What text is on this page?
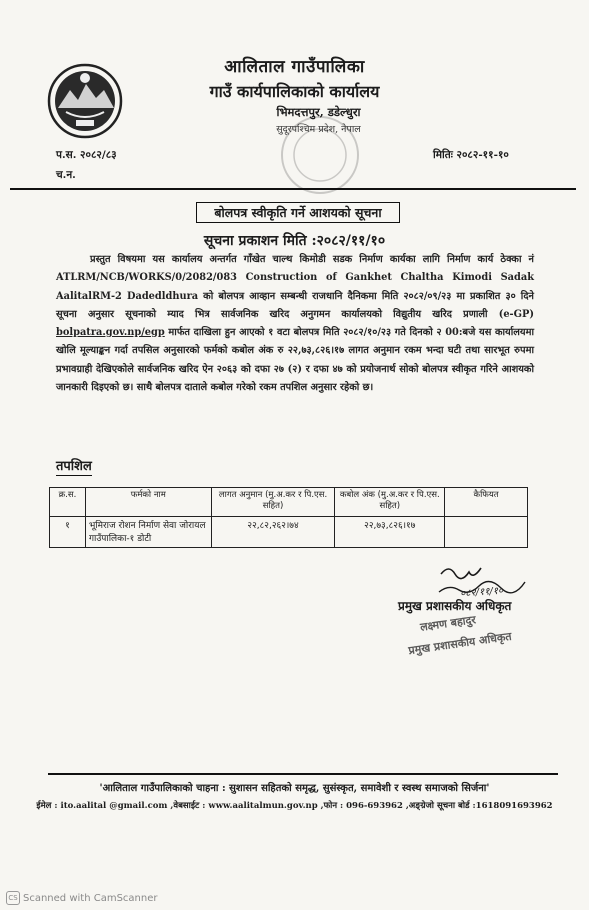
आलिताल गाउँपालिका
गाउँ कार्यपालिकाको कार्यालय
भिमदत्तपुर, डडेल्धुरा
सुदूरपश्चिम प्रदेश, नेपाल
प.स. २०८२/८३
च.न.
मितिः २०८२-११-१०
बोलपत्र स्वीकृति गर्ने आशयको सूचना
सूचना प्रकाशन मिति :२०८२/११/१०
प्रस्तुत विषयमा यस कार्यालय अन्तर्गत गाँखेत चाल्थ किमोडी सडक निर्माण कार्यका लागि निर्माण कार्य ठेक्का नं ATLRM/NCB/WORKS/0/2082/083 Construction of Gankhet Chaltha Kimodi Sadak AalitalRM-2 Dadedldhura को बोलपत्र आव्हान सम्बन्धी राजधानि दैनिकमा मिति २०८२/०९/२३ मा प्रकाशित ३० दिने सूचना अनुसार सूचनाको म्याद भित्र सार्वजनिक खरिद अनुगमन कार्यालयको विद्युतीय खरिद प्रणाली (e-GP) bolpatra.gov.np/egp मार्फत दाखिला हुन आएको १ वटा बोलपत्र मिति २०८२/१०/२३ गते दिनको २ 00:बजे यस कार्यालयमा खोलि मूल्याङ्कन गर्दा तपसिल अनुसारको फर्मको कबोल अंक रु २२,७३,८२६।१७ लागत अनुमान रकम भन्दा घटी तथा सारभूत रुपमा प्रभावग्राही देखिएकोले सार्वजनिक खरिद ऐन २०६३ को दफा २७ (२) र दफा ४७ को प्रयोजनार्थ सोको बोलपत्र स्वीकृत गरिने आशयको जानकारी दिइएको छ। साथै बोलपत्र दाताले कबोल गरेको रकम तपशिल अनुसार रहेको छ।
तपशिल
क्र.स.	फर्मको नाम	लागत अनुमान (मु.अ.कर र पि.एस. सहित)	कबोल अंक (मु.अ.कर र पि.एस. सहित)	कैफियत
१	भूमिराज रोशन निर्माण सेवा जोरायल गाउँपालिका-१ डोटी	२२,८२,२६२।७४	२२,७३,८२६।१७	
०८२/११/१०
प्रमुख प्रशासकीय अधिकृत
लक्ष्मण बहादुर
प्रमुख प्रशासकीय अधिकृत
'आलिताल गाउँपालिकाको चाहना : सुशासन सहितको समृद्ध, सुसंस्कृत, समावेशी र स्वस्थ समाजको सिर्जना'
ईमेल : ito.aalital @gmail.com ,वेबसाईट : www.aalitalmun.gov.np ,फोन : 096-693962 ,अङ्ग्रेजो सूचना बोर्ड :1618091693962
CS Scanned with CamScanner
